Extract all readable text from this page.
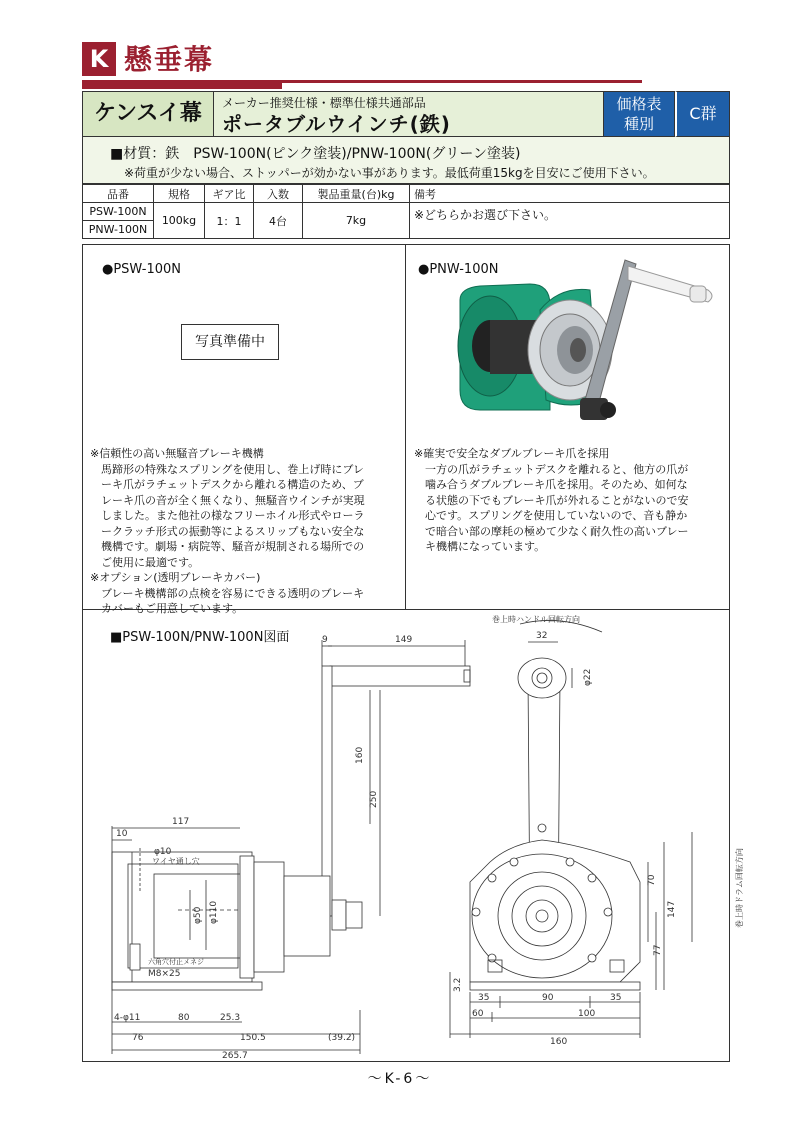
K 懸垂幕
ケンスイ幕	メーカー推奨仕様・標準仕様共通部品
ポータブルウインチ(鉄)
価格表
種別
C群
■材質：鉄　PSW-100N(ピンク塗装)/PNW-100N(グリーン塗装)
※荷重が少ない場合、ストッパーが効かない事があります。最低荷重15kgを目安にご使用下さい。
品番	規格	ギア比	入数	製品重量(台)kg	備考
PSW-100N	100kg	1：1	4台	7kg	※どちらかお選び下さい。
PNW-100N					
●PSW-100N
写真準備中
※信頼性の高い無騒音ブレーキ機構
　馬蹄形の特殊なスプリングを使用し、巻上げ時にブレ
　ーキ爪がラチェットデスクから離れる構造のため、ブ
　レーキ爪の音が全く無くなり、無騒音ウインチが実現
　しました。また他社の様なフリーホイル形式やローラ
　ークラッチ形式の振動等によるスリップもない安全な
　機構です。劇場・病院等、騒音が規制される場所での
　ご使用に最適です。
※オプション(透明ブレーキカバー)
　ブレーキ機構部の点検を容易にできる透明のブレーキ
　カバーもご用意しています。
●PNW-100N
※確実で安全なダブルブレーキ爪を採用
　一方の爪がラチェットデスクを離れると、他方の爪が
　噛み合うダブルブレーキ爪を採用。そのため、如何な
　る状態の下でもブレーキ爪が外れることがないので安
　心です。スプリングを使用していないので、音も静か
　で暗合い部の摩耗の極めて少なく耐久性の高いブレー
　キ機構になっています。
■PSW-100N/PNW-100N図面	9	149
160
250
117
10
φ10
ワイヤ通し穴
φ50 φ110
六角穴付止メネジ
M8×25
4-φ11	80	25.3
76	150.5	(39.2)
265.7
巻上時ハンドル回転方向
32
φ22
70
147
77
巻上時ドラム回転方向
3.2
35	90	35
60	100
160
～K-6～
